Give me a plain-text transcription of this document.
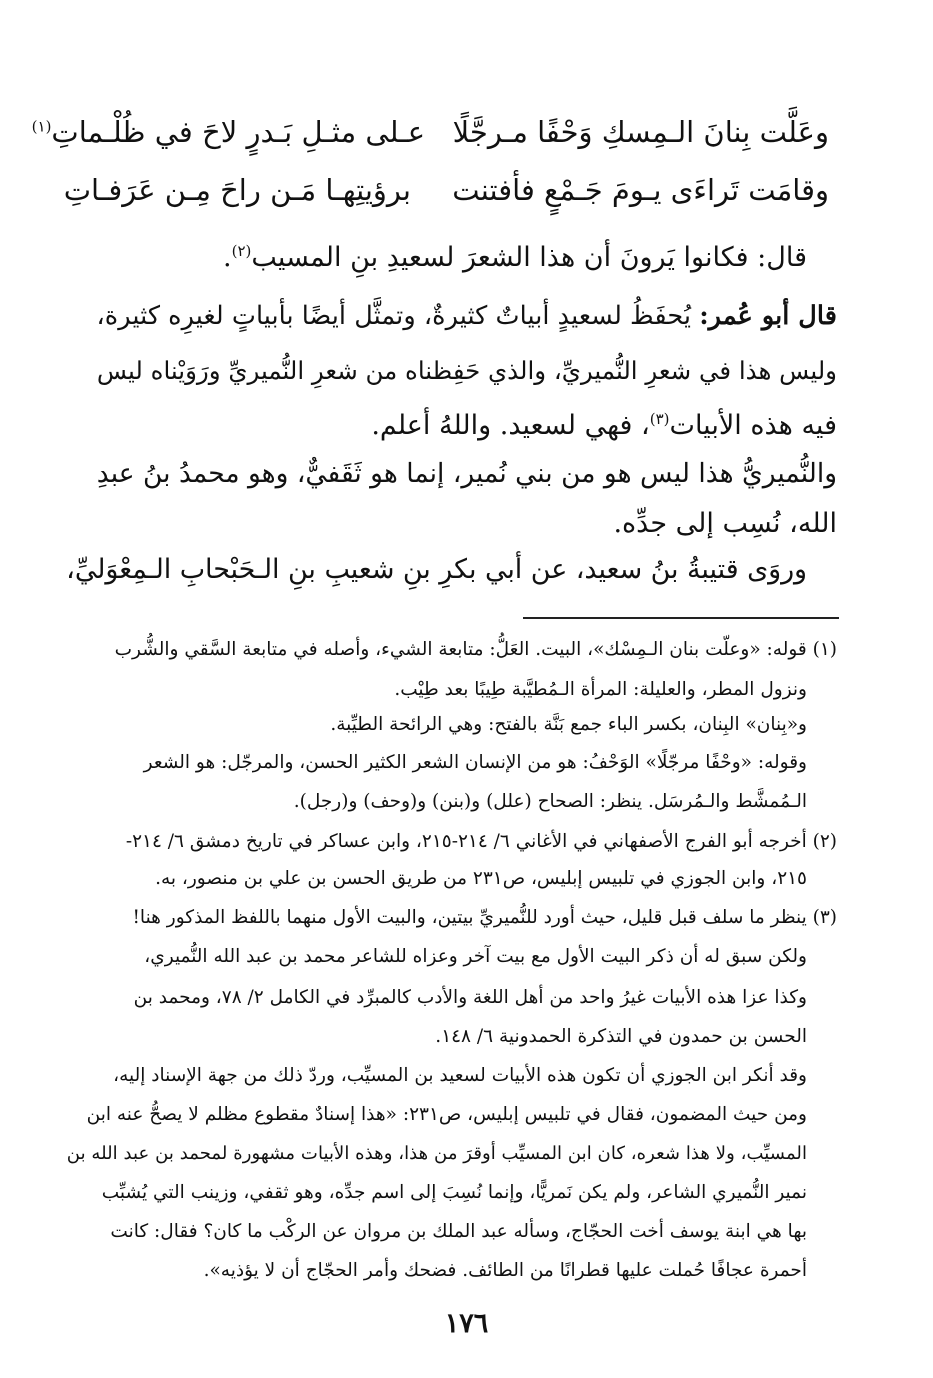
وعَلَّت بِنانَ الـمِسكِ وَحْفًا مـرجَّلًا
عـلى مثـلِ بَـدرٍ لاحَ في ظُلْـماتِ$^{(١)}$
وقامَت تَراءَى يـومَ جَـمْعٍ فأفتنت
برؤيتِهـا مَـن راحَ مِـن عَرَفـاتِ
قال: فكانوا يَرونَ أن هذا الشعرَ لسعيدِ بنِ المسيب$^{(٢)}$.
قال أبو عُمر: يُحفَظُ لسعيدٍ أبياتٌ كثيرةٌ، وتمثَّل أيضًا بأبياتٍ لغيرِه كثيرة،
وليس هذا في شعرِ النُّميريِّ، والذي حَفِظناه من شعرِ النُّميريِّ ورَوَيْناه ليس
فيه هذه الأبيات$^{(٣)}$، فهي لسعيد. واللهُ أعلم.
والنُّميريُّ هذا ليس هو من بني نُمير، إنما هو ثَقَفيٌّ، وهو محمدُ بنُ عبدِ
الله، نُسِب إلى جدِّه.
وروَى قتيبةُ بنُ سعيد، عن أبي بكرِ بنِ شعيبِ بنِ الـحَبْحابِ الـمِعْوَليِّ،
(١) قوله: «وعلّت بنان الـمِسْك»، البيت. العَلُّ: متابعة الشيء، وأصله في متابعة السَّقي والشُّرب
ونزول المطر، والعليلة: المرأة الـمُطيَّبة طِيبًا بعد طِيْب.
و«بِنان» البِنان، بكسر الباء جمع بَنَّة بالفتح: وهي الرائحة الطيِّبة.
وقوله: «وحْفًا مرجّلًا» الوَحْفُ: هو من الإنسان الشعر الكثير الحسن، والمرجّل: هو الشعر
الـمُمشَّط والـمُرسَل. ينظر: الصحاح (علل) و(بنن) و(وحف) و(رجل).
(٢) أخرجه أبو الفرج الأصفهاني في الأغاني ٦/ ٢١٤-٢١٥، وابن عساكر في تاريخ دمشق ٦/ ٢١٤-
٢١٥، وابن الجوزي في تلبيس إبليس، ص٢٣١ من طريق الحسن بن علي بن منصور، به.
(٣) ينظر ما سلف قبل قليل، حيث أورد للنُّميريِّ بيتين، والبيت الأول منهما باللفظ المذكور هنا!
ولكن سبق له أن ذكر البيت الأول مع بيت آخر وعزاه للشاعر محمد بن عبد الله النُّميري،
وكذا عزا هذه الأبيات غيرُ واحد من أهل اللغة والأدب كالمبرِّد في الكامل ٢/ ٧٨، ومحمد بن
الحسن بن حمدون في التذكرة الحمدونية ٦/ ١٤٨.
وقد أنكر ابن الجوزي أن تكون هذه الأبيات لسعيد بن المسيِّب، وردّ ذلك من جهة الإسناد إليه،
ومن حيث المضمون، فقال في تلبيس إبليس، ص٢٣١: «هذا إسنادٌ مقطوع مظلم لا يصحُّ عنه ابن
المسيِّب، ولا هذا شعره، كان ابن المسيِّب أوقرَ من هذا، وهذه الأبيات مشهورة لمحمد بن عبد الله بن
نمير النُّميري الشاعر، ولم يكن نَمريًّا، وإنما نُسِبَ إلى اسم جدِّه، وهو ثقفي، وزينب التي يُشبِّب
بها هي ابنة يوسف أخت الحجّاج، وسأله عبد الملك بن مروان عن الركْب ما كان؟ فقال: كانت
أحمرة عجافًا حُملت عليها قطرانًا من الطائف. فضحك وأمر الحجّاج أن لا يؤذيه».
١٧٦
